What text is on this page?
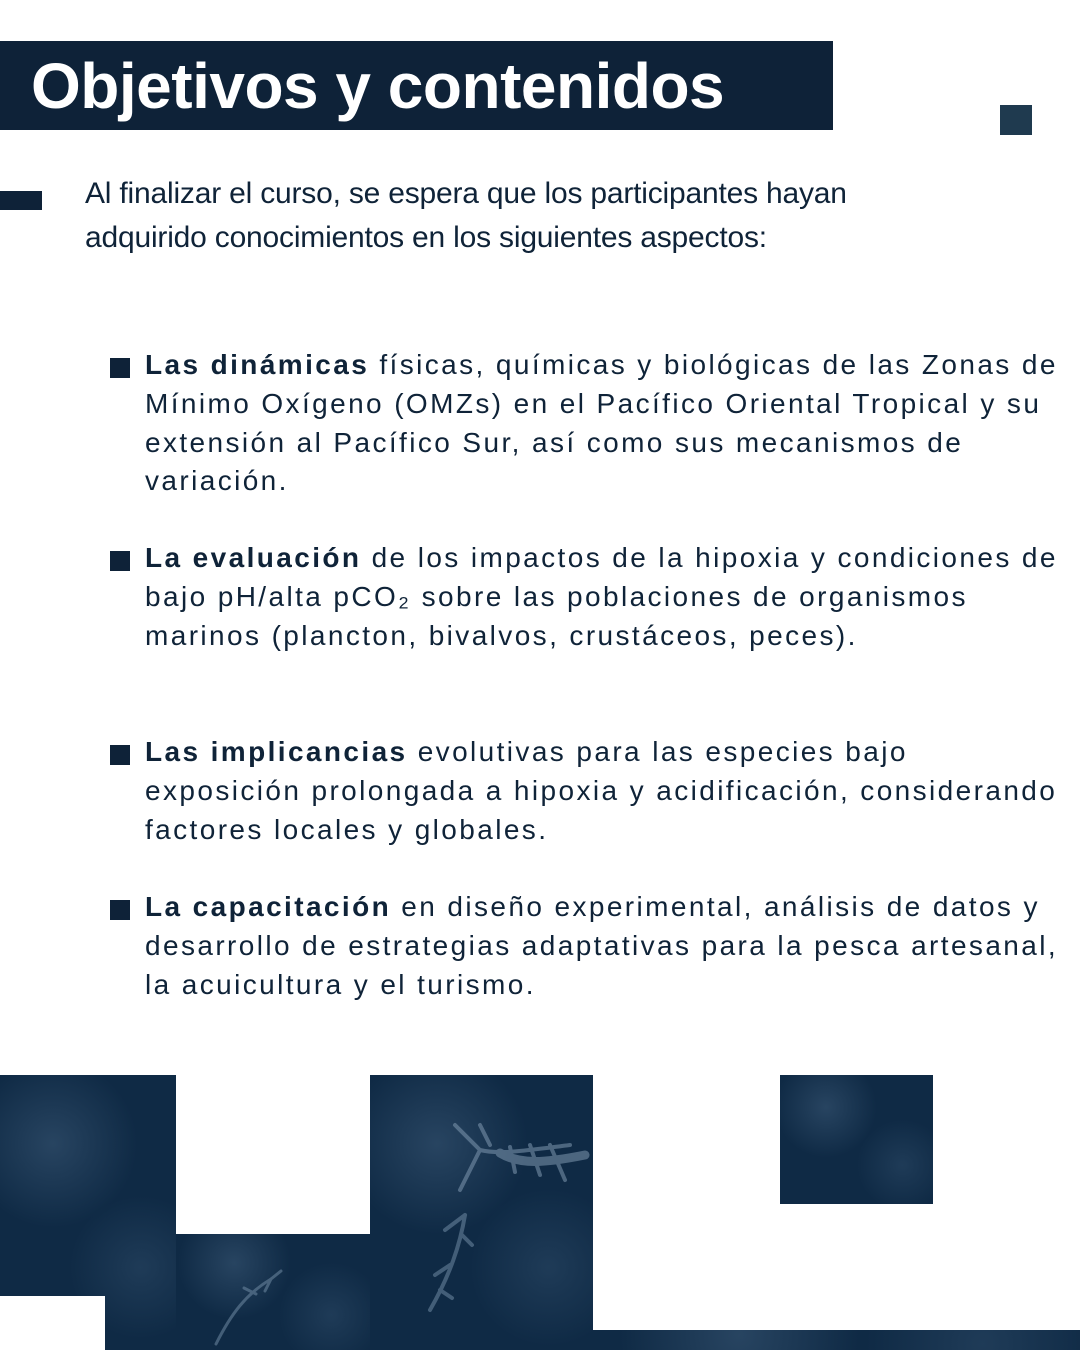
Objetivos y contenidos

Al finalizar el curso, se espera que los participantes hayan adquirido conocimientos en los siguientes aspectos:

Las dinámicas físicas, químicas y biológicas de las Zonas de Mínimo Oxígeno (OMZs) en el Pacífico Oriental Tropical y su extensión al Pacífico Sur, así como sus mecanismos de variación.
La evaluación de los impactos de la hipoxia y condiciones de bajo pH/alta pCO₂ sobre las poblaciones de organismos marinos (plancton, bivalvos, crustáceos, peces).
Las implicancias evolutivas para las especies bajo exposición prolongada a hipoxia y acidificación, considerando factores locales y globales.
La capacitación en diseño experimental, análisis de datos y desarrollo de estrategias adaptativas para la pesca artesanal, la acuicultura y el turismo.
